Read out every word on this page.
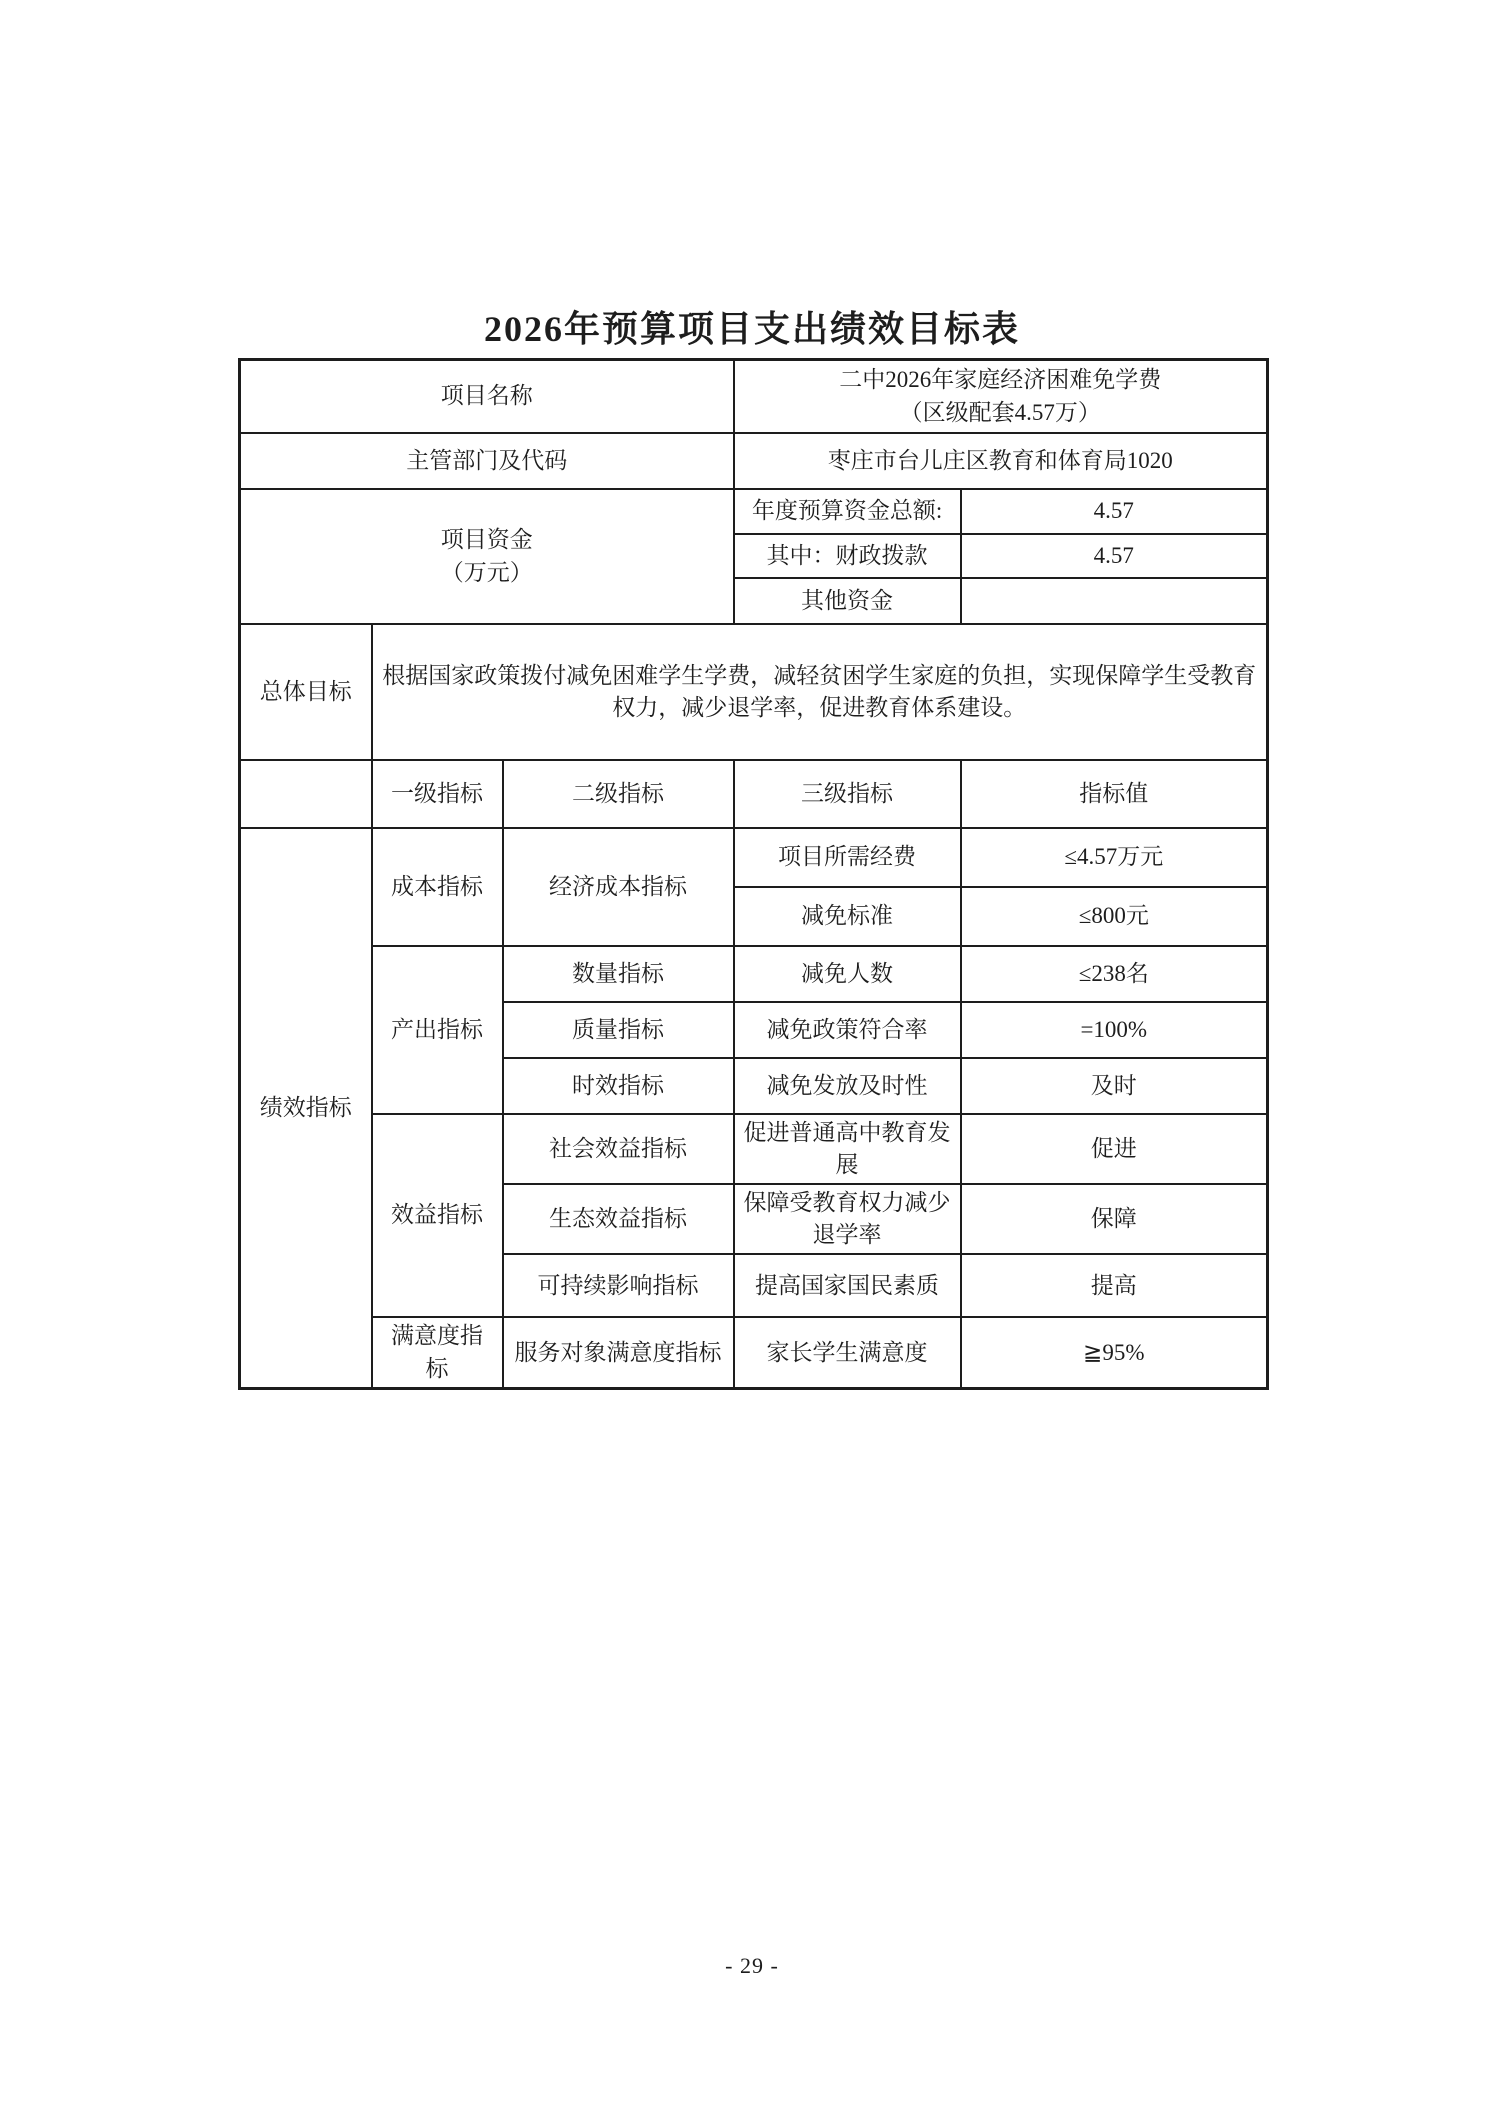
2026年预算项目支出绩效目标表
项目名称			二中2026年家庭经济困难免学费
（区级配套4.57万）	

主管部门及代码			枣庄市台儿庄区教育和体育局1020	

项目资金
（万元）			年度预算资金总额:	4.57
			其中：财政拨款	4.57
			其他资金	
总体目标	根据国家政策拨付减免困难学生学费，减轻贫困学生家庭的负担，实现保障学生受教育权力，减少退学率，促进教育体系建设。			
	一级指标	二级指标	三级指标	指标值
绩效指标	成本指标	经济成本指标	项目所需经费	≤4.57万元
			减免标准	≤800元
	产出指标	数量指标	减免人数	≤238名
		质量指标	减免政策符合率	=100%
		时效指标	减免发放及时性	及时
	效益指标	社会效益指标	促进普通高中教育发展	促进
		生态效益指标	保障受教育权力减少退学率	保障
		可持续影响指标	提高国家国民素质	提高
	满意度指标	服务对象满意度指标	家长学生满意度	≧95%
- 29 -
